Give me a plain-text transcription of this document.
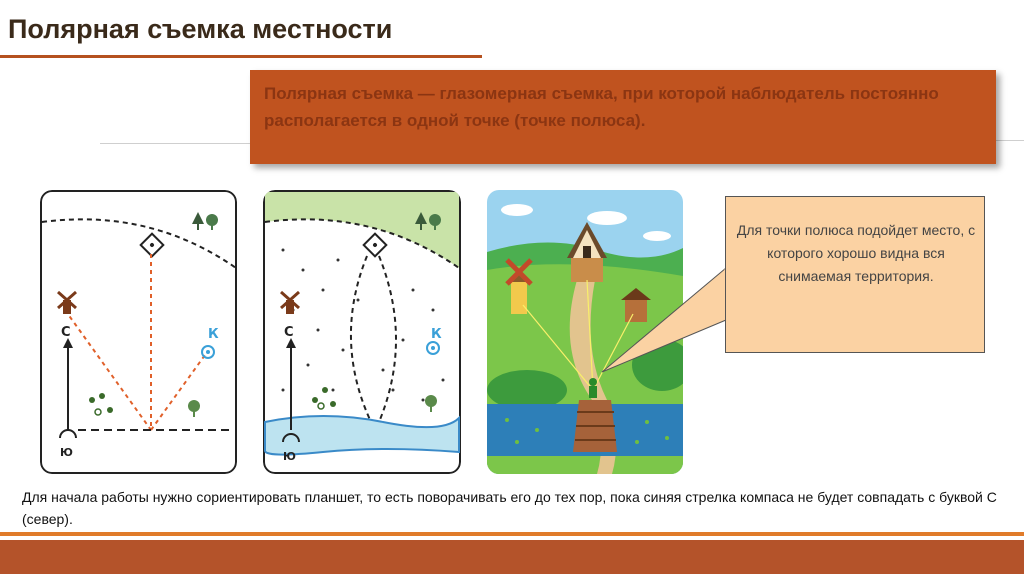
Полярная съемка местности
Полярная съемка — глазомерная съемка, при которой наблюдатель постоянно располагается в одной точке (точке полюса).
С
Ю
К	С
Ю
К
Для точки полюса подойдет место, с которого хорошо видна вся снимаемая территория.
Для начала работы нужно сориентировать планшет, то есть поворачивать его до тех пор, пока синяя стрелка компаса не будет совпадать с буквой С (север).
